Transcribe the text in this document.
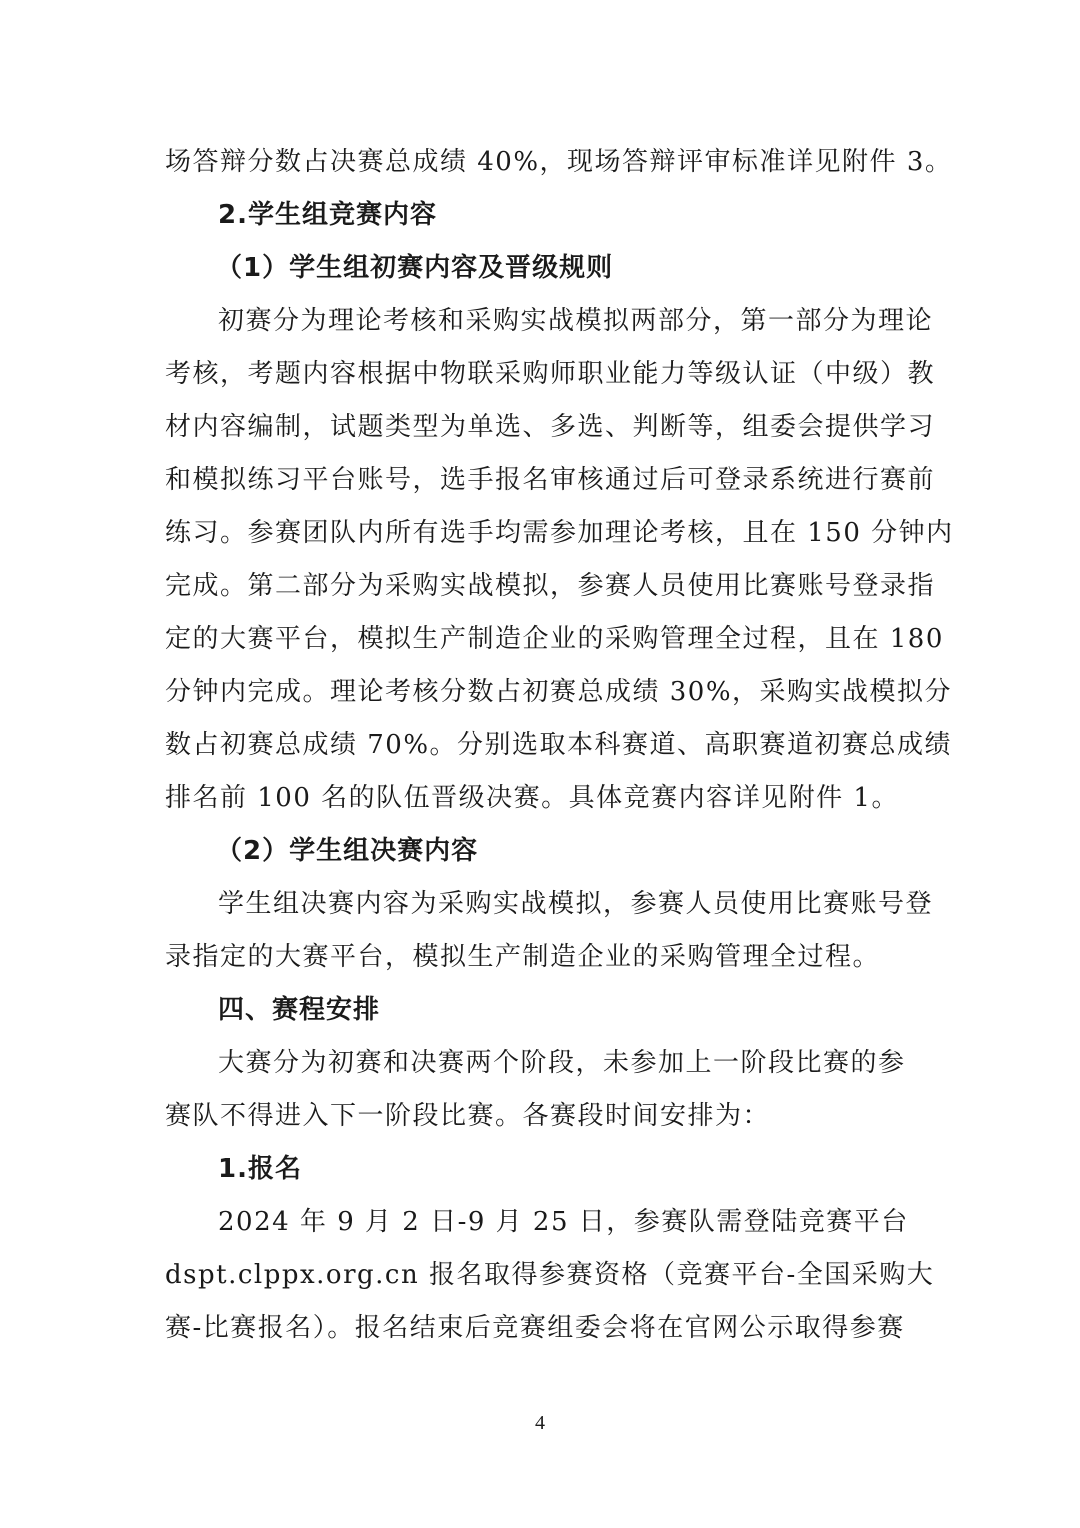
场答辩分数占决赛总成绩 40%，现场答辩评审标准详见附件 3。
2.学生组竞赛内容
（1）学生组初赛内容及晋级规则
初赛分为理论考核和采购实战模拟两部分，第一部分为理论
考核，考题内容根据中物联采购师职业能力等级认证（中级）教
材内容编制，试题类型为单选、多选、判断等，组委会提供学习
和模拟练习平台账号，选手报名审核通过后可登录系统进行赛前
练习。参赛团队内所有选手均需参加理论考核，且在 150 分钟内
完成。第二部分为采购实战模拟，参赛人员使用比赛账号登录指
定的大赛平台，模拟生产制造企业的采购管理全过程，且在 180
分钟内完成。理论考核分数占初赛总成绩 30%，采购实战模拟分
数占初赛总成绩 70%。分别选取本科赛道、高职赛道初赛总成绩
排名前 100 名的队伍晋级决赛。具体竞赛内容详见附件 1。
（2）学生组决赛内容
学生组决赛内容为采购实战模拟，参赛人员使用比赛账号登
录指定的大赛平台，模拟生产制造企业的采购管理全过程。
四、赛程安排
大赛分为初赛和决赛两个阶段，未参加上一阶段比赛的参
赛队不得进入下一阶段比赛。各赛段时间安排为：
1.报名
2024 年 9 月 2 日-9 月 25 日，参赛队需登陆竞赛平台
dspt.clppx.org.cn 报名取得参赛资格（竞赛平台-全国采购大
赛-比赛报名）。报名结束后竞赛组委会将在官网公示取得参赛
4
